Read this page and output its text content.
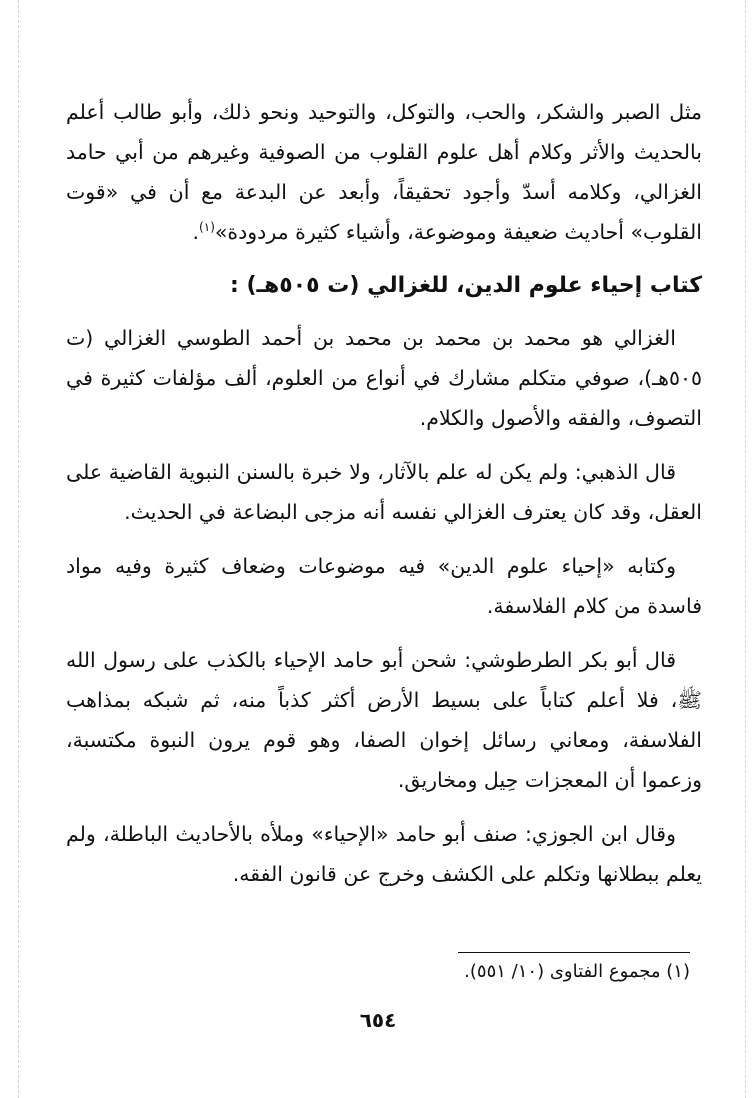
مثل الصبر والشكر، والحب، والتوكل، والتوحيد ونحو ذلك، وأبو طالب أعلم بالحديث والأثر وكلام أهل علوم القلوب من الصوفية وغيرهم من أبي حامد الغزالي، وكلامه أسدّ وأجود تحقيقاً، وأبعد عن البدعة مع أن في «قوت القلوب» أحاديث ضعيفة وموضوعة، وأشياء كثيرة مردودة»$^{(١)}$.

كتاب إحياء علوم الدين، للغزالي (ت ٥٠٥هـ) :

الغزالي هو محمد بن محمد بن محمد بن أحمد الطوسي الغزالي (ت ٥٠٥هـ)، صوفي متكلم مشارك في أنواع من العلوم، ألف مؤلفات كثيرة في التصوف، والفقه والأصول والكلام.

قال الذهبي: ولم يكن له علم بالآثار، ولا خبرة بالسنن النبوية القاضية على العقل، وقد كان يعترف الغزالي نفسه أنه مزجى البضاعة في الحديث.

وكتابه «إحياء علوم الدين» فيه موضوعات وضعاف كثيرة وفيه مواد فاسدة من كلام الفلاسفة.

قال أبو بكر الطرطوشي: شحن أبو حامد الإحياء بالكذب على رسول الله ﷺ، فلا أعلم كتاباً على بسيط الأرض أكثر كذباً منه، ثم شبكه بمذاهب الفلاسفة، ومعاني رسائل إخوان الصفا، وهو قوم يرون النبوة مكتسبة، وزعموا أن المعجزات حِيل ومخاريق.

وقال ابن الجوزي: صنف أبو حامد «الإحياء» وملأه بالأحاديث الباطلة، ولم يعلم ببطلانها وتكلم على الكشف وخرج عن قانون الفقه.

(١) مجموع الفتاوى (١٠/ ٥٥١).
٦٥٤
